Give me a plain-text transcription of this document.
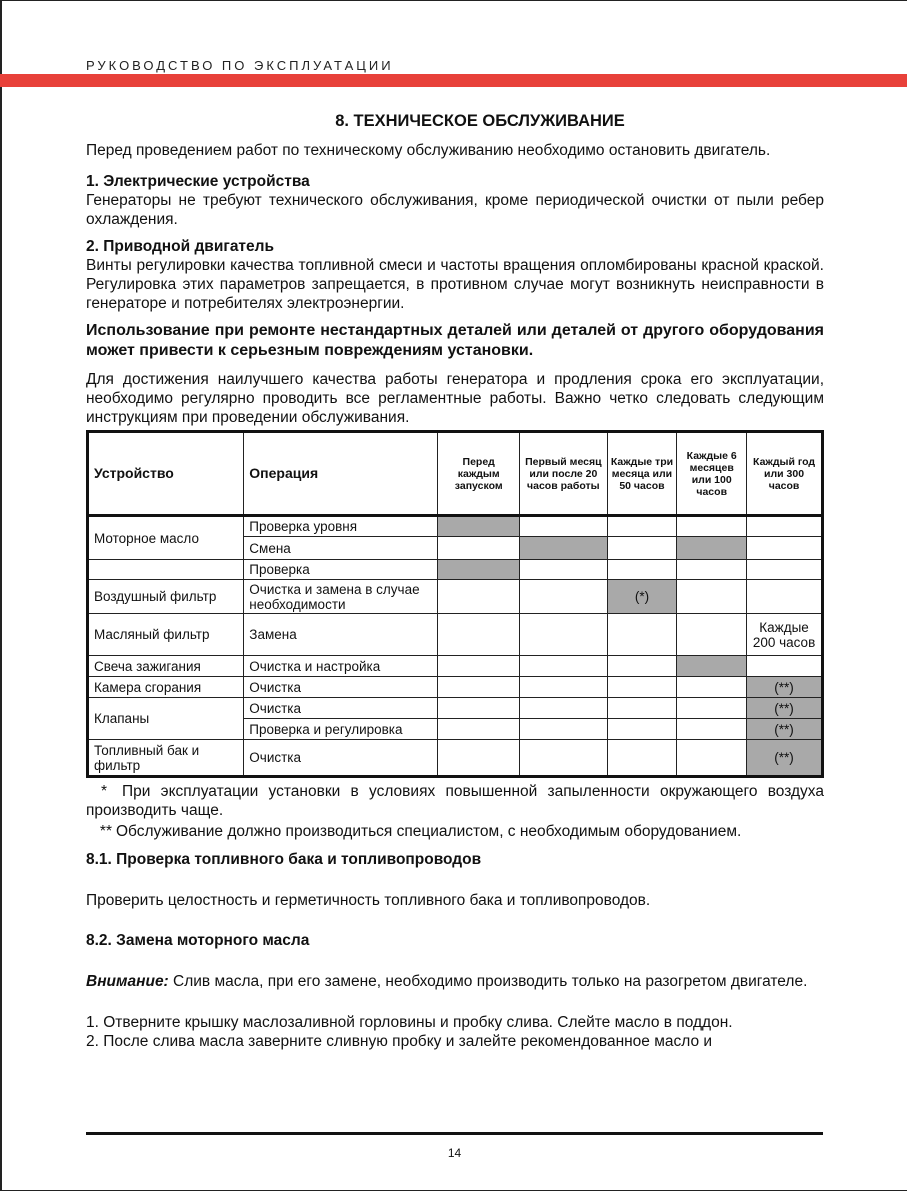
РУКОВОДСТВО ПО ЭКСПЛУАТАЦИИ
8. ТЕХНИЧЕСКОЕ ОБСЛУЖИВАНИЕ

Перед проведением работ по техническому обслуживанию необходимо остановить двигатель.

1. Электрические устройства

Генераторы не требуют технического обслуживания, кроме периодической очистки от пыли ребер охлаждения.

2. Приводной двигатель

Винты регулировки качества топливной смеси и частоты вращения опломбированы красной краской. Регулировка этих параметров запрещается, в противном случае могут возникнуть неисправности в генераторе и потребителях электроэнергии.

Использование при ремонте нестандартных деталей или деталей от другого оборудования может привести к серьезным повреждениям установки.

Для достижения наилучшего качества работы генератора и продления срока его эксплуатации, необходимо регулярно проводить все регламентные работы. Важно четко следовать следующим инструкциям при проведении обслуживания.

Устройство	Операция	Перед каждым запуском	Первый месяц или после 20 часов работы	Каждые три месяца или 50 часов	Каждые 6 месяцев или 100 часов	Каждый год или 300 часов
Моторное масло	Проверка уровня					
	Смена					
	Проверка					
Воздушный фильтр	Очистка и замена в случае необходимости			(*)		
Масляный фильтр	Замена					Каждые 200 часов
Свеча зажигания	Очистка и настройка					
Камера сгорания	Очистка					(**)
Клапаны	Очистка					(**)
	Проверка и регулировка					(**)
Топливный бак и фильтр	Очистка					(**)

* При эксплуатации установки в условиях повышенной запыленности окружающего воздуха производить чаще.

** Обслуживание должно производиться специалистом, с необходимым оборудованием.

8.1. Проверка топливного бака и топливопроводов

Проверить целостность и герметичность топливного бака и топливопроводов.

8.2. Замена моторного масла

Внимание: Слив масла, при его замене, необходимо производить только на разогретом двигателе.

1. Отверните крышку маслозаливной горловины и пробку слива. Слейте масло в поддон.

2. После слива масла заверните сливную пробку и залейте рекомендованное масло и

14
